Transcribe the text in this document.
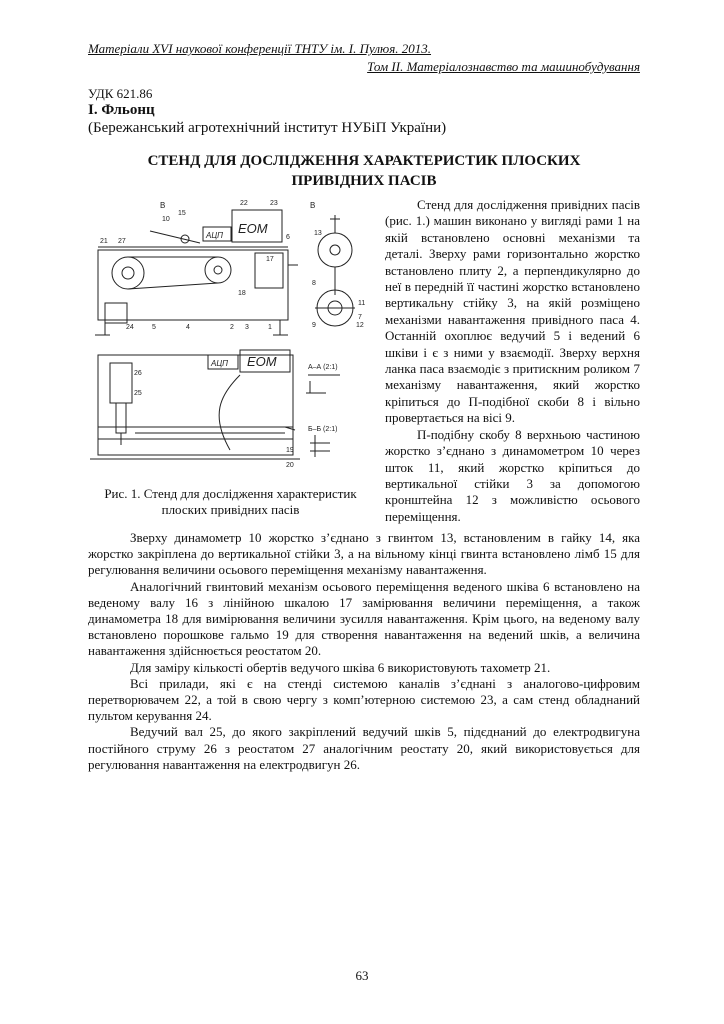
Матеріали XVІ наукової конференції ТНТУ ім. І. Пулюя. 2013.
Том ІІ. Матеріалознавство та машинобудування
УДК 621.86
І. Фльонц
(Бережанський агротехнічний інститут НУБіП України)
СТЕНД ДЛЯ ДОСЛІДЖЕННЯ ХАРАКТЕРИСТИК ПЛОСКИХ
ПРИВІДНИХ ПАСІВ
ЕОМ
АЦП
ЕОМ
АЦП
В	В
А–А (2:1)
Б–Б (2:1)
22	23
21 27
15
10
6
24	5	4	2 3	1
26
25
19
20
17
18
13
12
11
9
8
7
Рис. 1. Стенд для дослідження характеристик плоских привідних пасів

Стенд для дослідження привідних пасів (рис. 1.) машин виконано у вигляді рами 1 на якій встановлено основні механізми та деталі. Зверху рами горизонтально жорстко встановлено плиту 2, а перпендикулярно до неї в передній її частині жорстко встановлено вертикальну стійку 3, на якій розміщено механізми навантаження привідного паса 4. Останній охоплює ведучий 5 і ведений 6 шківи і є з ними у взаємодії. Зверху верхня ланка паса взаємодіє з притискним роликом 7 механізму навантаження, який жорстко кріпиться до П-подібної скоби 8 і вільно провертається на вісі 9.

П-подібну скобу 8 верхньою частиною жорстко з’єднано з динамометром 10 через шток 11, який жорстко кріпиться до вертикальної стійки 3 за допомогою кронштейна 12 з можливістю осьового переміщення.

Зверху динамометр 10 жорстко з’єднано з гвинтом 13, встановленим в гайку 14, яка жорстко закріплена до вертикальної стійки 3, а на вільному кінці гвинта встановлено лімб 15 для регулювання величини осьового переміщення механізму навантаження.

Аналогічний гвинтовий механізм осьового переміщення веденого шківа 6 встановлено на веденому валу 16 з лінійною шкалою 17 замірювання величини переміщення, а також динамометра 18 для вимірювання величини зусилля навантаження. Крім цього, на веденому валу встановлено порошкове гальмо 19 для створення навантаження на ведений шків, а величина навантаження здійснюється реостатом 20.

Для заміру кількості обертів ведучого шківа 6 використовують тахометр 21.

Всі прилади, які є на стенді системою каналів з’єднані з аналогово-цифровим перетворювачем 22, а той в свою чергу з комп’ютерною системою 23, а сам стенд обладнаний пультом керування 24.

Ведучий вал 25, до якого закріплений ведучий шків 5, підєднаний до електродвигуна постійного струму 26 з реостатом 27 аналогічним реостату 20, який використовується для регулювання навантаження на електродвигун 26.

63
